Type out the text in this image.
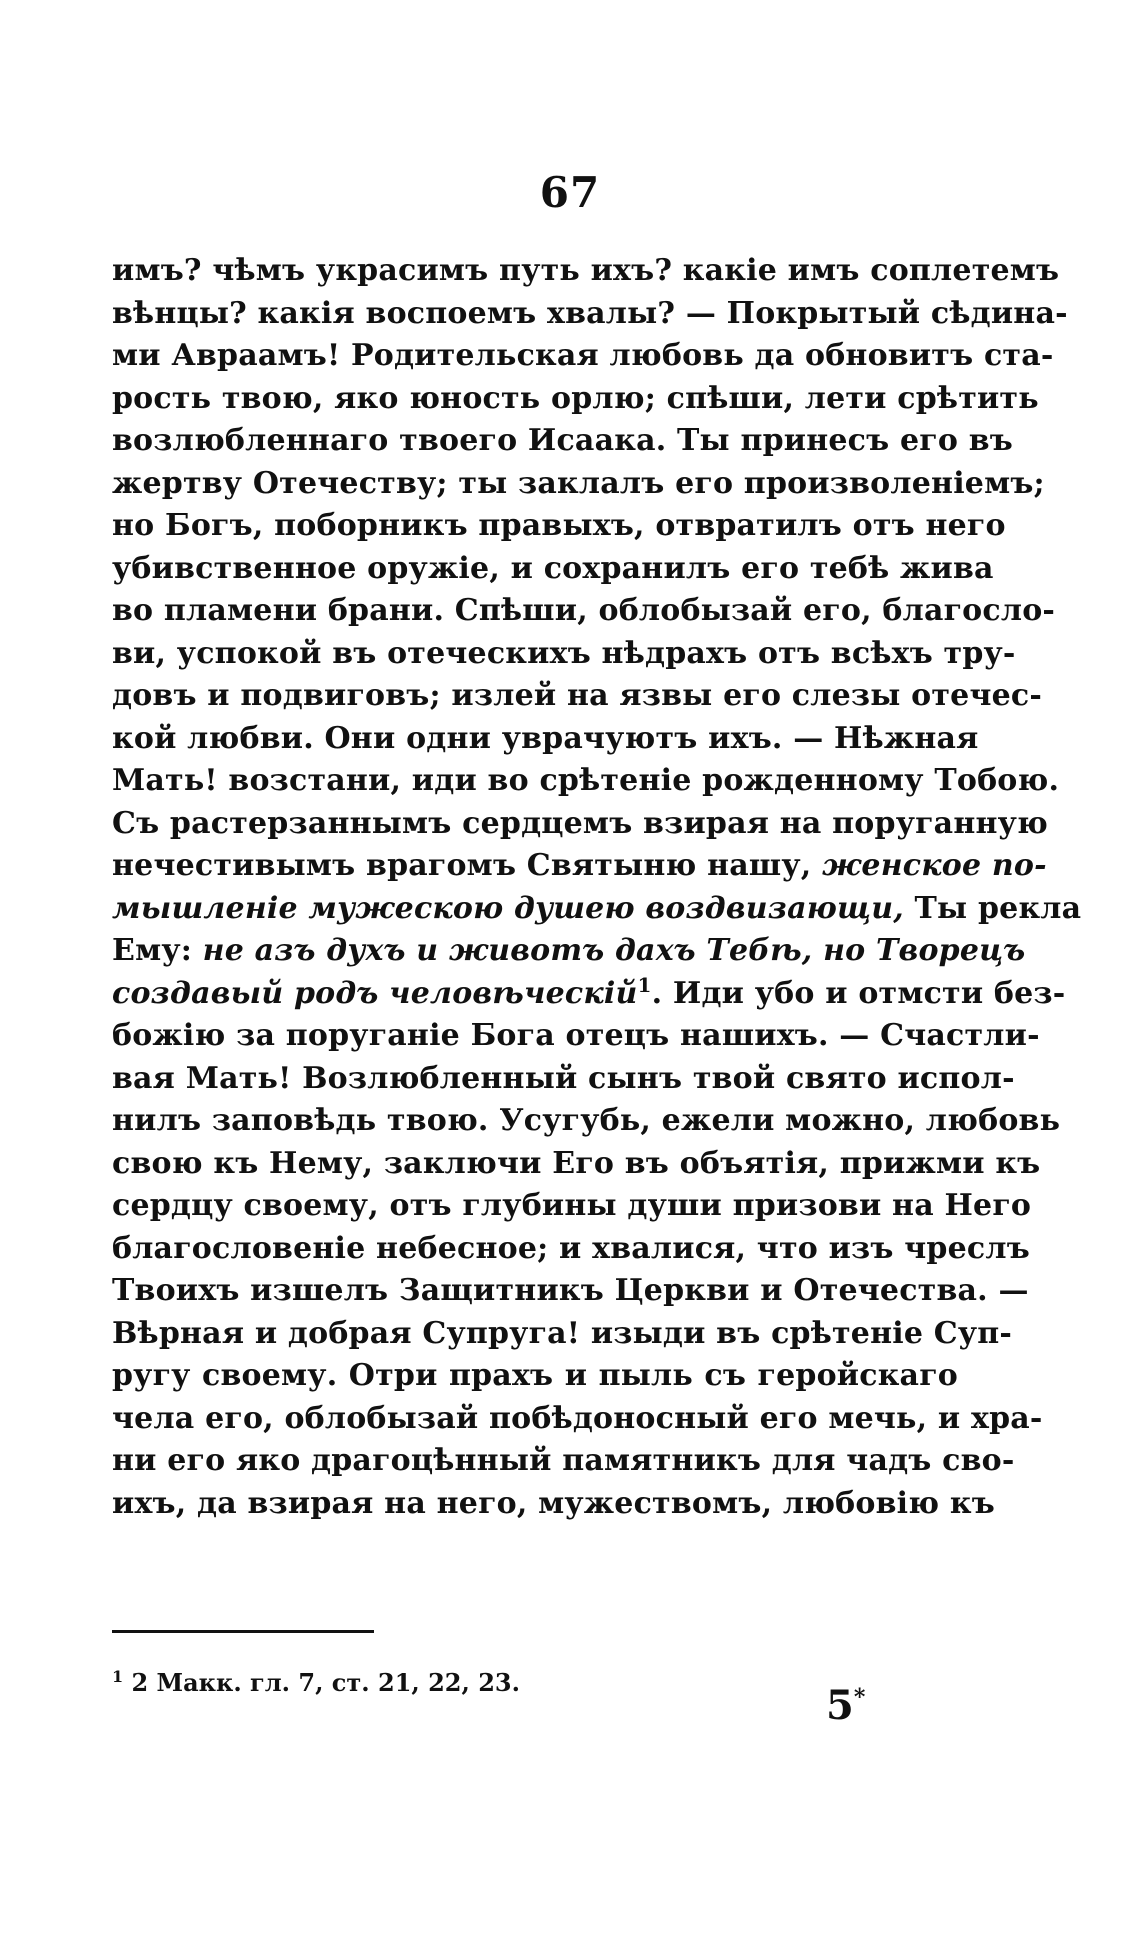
67
имъ? чѣмъ украсимъ путь ихъ? какіе имъ соплетемъ
вѣнцы? какія воспоемъ хвалы? — Покрытый сѣдина-
ми Авраамъ! Родительская любовь да обновитъ ста-
рость твою, яко юность орлю; спѣши, лети срѣтить
возлюбленнаго твоего Исаака. Ты принесъ его въ
жертву Отечеству; ты заклалъ его произволеніемъ;
но Богъ, поборникъ правыхъ, отвратилъ отъ него
убивственное оружіе, и сохранилъ его тебѣ жива
во пламени брани. Спѣши, облобызай его, благосло-
ви, успокой въ отеческихъ нѣдрахъ отъ всѣхъ тру-
довъ и подвиговъ; излей на язвы его слезы отечес-
кой любви. Они одни уврачуютъ ихъ. — Нѣжная
Мать! возстани, иди во срѣтеніе рожденному Тобою.
Съ растерзаннымъ сердцемъ взирая на поруганную
нечестивымъ врагомъ Святыню нашу, женское по-
мышленіе мужескою душею воздвизающи, Ты рекла
Ему: не азъ духъ и животъ дахъ Тебѣ, но Творецъ
создавый родъ человѣческій$^1$. Иди убо и отмсти без-
божію за поруганіе Бога отецъ нашихъ. — Счастли-
вая Мать! Возлюбленный сынъ твой свято испол-
нилъ заповѣдь твою. Усугубь, ежели можно, любовь
свою къ Нему, заключи Его въ объятія, прижми къ
сердцу своему, отъ глубины души призови на Него
благословеніе небесное; и хвалися, что изъ чреслъ
Твоихъ изшелъ Защитникъ Церкви и Отечества. —
Вѣрная и добрая Супруга! изыди въ срѣтеніе Суп-
ругу своему. Отри прахъ и пыль съ геройскаго
чела его, облобызай побѣдоносный его мечь, и хра-
ни его яко драгоцѣнный памятникъ для чадъ сво-
ихъ, да взирая на него, мужествомъ, любовію къ
$^1$ 2 Макк. гл. 7, ст. 21, 22, 23.	5*
